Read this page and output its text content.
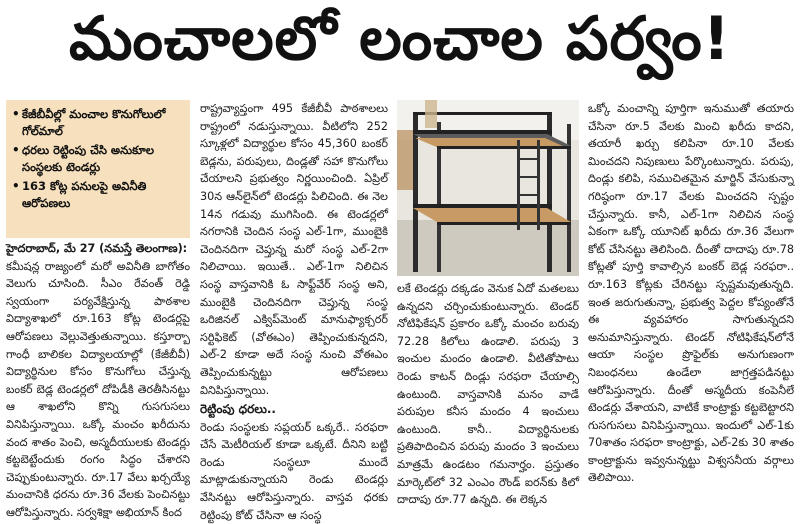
మంచాలలో లంచాల పర్వం!
• కేజీబీవీల్లో మంచాల కొనుగోలులో గోల్‌మాల్
• ధరలు రెట్టింపు చేసి అనుకూల సంస్థలకు టెండర్లు
• 163 కోట్ల పనులపై అవినీతి ఆరోపణలు

హైదరాబాద్, మే 27 (నమస్తే తెలంగాణ):

కమీషన్ల రాజ్యంలో మరో అవినీతి బాగోతం వెలుగు చూసింది. సీఎం రేవంత్ రెడ్డి స్వయంగా పర్యవేక్షిస్తున్న పాఠశాల విద్యాశాఖలో రూ.163 కోట్ల టెండర్లపై ఆరోపణలు వెల్లువెత్తుతున్నాయి. కస్తూర్బా గాంధీ బాలికల విద్యాలయాల్లో (కేజీబీవీ) విద్యార్థినుల కోసం కొనుగోలు చేస్తున్న బంకర్ బెడ్ల టెండర్లలో దోపిడీకి తెరతీసినట్టు ఆ శాఖలోని కొన్ని గుసగుసలు వినిపిస్తున్నాయి. ఒక్కో మంచం ఖరీదును వంద శాతం పెంచి, అస్మదీయులకు టెండర్లు కట్టబెట్టేందుకు రంగం సిద్ధం చేశారని చెప్పుకుంటున్నారు. రూ.17 వేలు ఖర్చయ్యే మంచానికి ధరను రూ.36 వేలకు పెంచినట్టు ఆరోపిస్తున్నారు. సర్వశిక్షా అభియాన్ కింద

రాష్ట్రవ్యాప్తంగా 495 కేజీబీవీ పాఠశాలలు రాష్ట్రంలో నడుస్తున్నాయి. వీటిలోని 252 స్కూళ్లలో విద్యార్థుల కోసం 45,360 బంకర్ బెడ్లను, పరుపులు, దిండ్లతో సహా కొనుగోలు చేయాలని ప్రభుత్వం నిర్ణయించింది. ఏప్రిల్ 30న ఆన్‌లైన్‌లో టెండర్లు పిలిచింది. ఈ నెల 14న గడువు ముగిసింది. ఈ టెండర్లలో నగరానికి చెందిన సంస్థ ఎల్-1గా, ముంబైకి చెందినదిగా చెప్తున్న మరో సంస్థ ఎల్-2గా నిలిచాయి. ఇయితే.. ఎల్-1గా నిలిచిన సంస్థ వాస్తవానికి ఓ సాఫ్ట్‌వేర్ సంస్థ అని, ముంబైకి చెందినదిగా చెప్తున్న సంస్థ ఒరిజినల్ ఎక్విప్‌మెంట్ మానుఫ్యాక్చరర్ సర్టిఫికెట్ (వోఈఎం) తెప్పించుకున్నదని, ఎల్-2 కూడా అదే సంస్థ నుంచి వోఈఎం తెప్పించుకున్నట్టు ఆరోపణలు వినిపిస్తున్నాయి.

రెట్టింపు ధరలు..

రెండు సంస్థలకు సప్లయర్ ఒక్కరే.. సరఫరా చేసే మెటీరియల్ కూడా ఒక్కటే. దీనిని బట్టి రెండు సంస్థలూ ముందే మాట్లాడుకున్నాయని రెండు టెండర్లు వేసినట్టు ఆరోపిస్తున్నారు. వాస్తవ ధరకు రెట్టింపు కోట్ చేసినా ఆ సంస్థ

లకే టెండర్లు దక్కడం వెనుక ఏదో మతలబు ఉన్నదని చర్చించుకుంటున్నారు. టెండర్ నోటిఫికేషన్ ప్రకారం ఒక్కో మంచం బరువు 72.28 కిలోలు ఉండాలి. పరుపు 3 ఇంచుల మందం ఉండాలి. వీటితోపాటు రెండు కాటన్ దిండ్లు సరఫరా చేయాల్సి ఉంటుంది. వాస్తవానికి మనం వాడే పరుపుల కనీస మందం 4 ఇంచులు ఉంటుంది. కానీ.. విద్యార్థినులకు ప్రతిపాదించిన పరుపు మందం 3 ఇంచులు మాత్రమే ఉండటం గమనార్హం. ప్రస్తుతం మార్కెట్‌లో 32 ఎంఎం రౌండ్ ఐరన్‌కు కిలో దాదాపు రూ.77 ఉన్నది. ఈ లెక్కన

ఒక్కో మంచాన్ని పూర్తిగా ఇనుముతో తయారు చేసినా రూ.5 వేలకు మించి ఖరీదు కాదని, తయారీ ఖర్చు కలిపినా రూ.10 వేలకు మించదని నిపుణులు పేర్కొంటున్నారు. పరుపు, దిండ్లు కలిపి, సముచితమైన మార్జిన్ వేసుకున్నా గరిష్ఠంగా రూ.17 వేలకు మించదని స్పష్టం చేస్తున్నారు. కానీ, ఎల్-1గా నిలిచిన సంస్థ ఏకంగా ఒక్కో యూనిట్ ఖరీదు రూ.36 వేలుగా కోట్ చేసినట్టు తెలిసింది. దీంతో దాదాపు రూ.78 కోట్లతో పూర్తి కావాల్సిన బంకర్ బెడ్ల సరఫరా.. రూ.163 కోట్లకు చేరినట్టు స్పష్టమవుతున్నది. ఇంత జరుగుతున్నా, ప్రభుత్వ పెద్దల కోప్యంతోనే ఈ వ్యవహారం సాగుతున్నదని అనుమానిస్తున్నారు. టెండర్ నోటిఫికేషన్‌లోనే ఆయా సంస్థల ప్రొఫైల్‌కు అనుగుణంగా నిబంధనలు ఉండేలా జాగ్రత్తపడినట్టు ఆరోపిస్తున్నారు. దీంతో అస్మదీయ కంపెనీలే టెండర్లు వేశాయని, వాటికే కాంట్రాక్టు కట్టబెట్టారని గుసగుసలు వినిపిస్తున్నాయి. ఇందులో ఎల్-1కు 70శాతం సరఫరా కాంట్రాక్టు, ఎల్-2కు 30 శాతం కాంట్రాక్టును ఇవ్వనున్నట్టు విశ్వసనీయ వర్గాలు తెలిపాయి.
